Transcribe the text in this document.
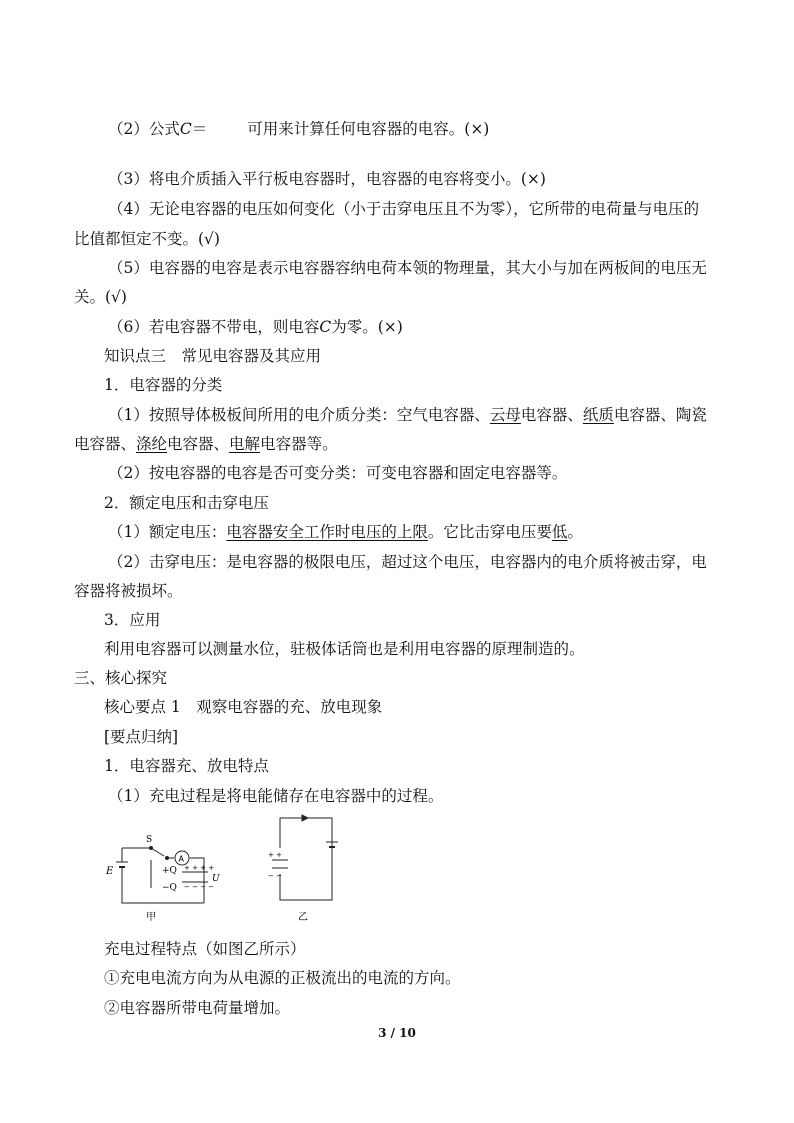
（2）公式C＝	可用来计算任何电容器的电容。(×)
（3）将电介质插入平行板电容器时，电容器的电容将变小。(×)
（4）无论电容器的电压如何变化（小于击穿电压且不为零），它所带的电荷量与电压的
比值都恒定不变。(√)
（5）电容器的电容是表示电容器容纳电荷本领的物理量，其大小与加在两板间的电压无
关。(√)
（6）若电容器不带电，则电容C为零。(×)
知识点三　常见电容器及其应用
1．电容器的分类
（1）按照导体极板间所用的电介质分类：空气电容器、云母电容器、纸质电容器、陶瓷
电容器、涤纶电容器、电解电容器等。
（2）按电容器的电容是否可变分类：可变电容器和固定电容器等。
2．额定电压和击穿电压
（1）额定电压：电容器安全工作时电压的上限。它比击穿电压要低。
（2）击穿电压：是电容器的极限电压，超过这个电压，电容器内的电介质将被击穿，电
容器将被损坏。
3．应用
利用电容器可以测量水位，驻极体话筒也是利用电容器的原理制造的。
三、核心探究
核心要点 1　观察电容器的充、放电现象
[要点归纳]
1．电容器充、放电特点
（1）充电过程是将电能储存在电容器中的过程。
E
S
A
+Q
−Q
+ + + +
− − − −
U
甲
+ +
− −
乙
充电过程特点（如图乙所示）
①充电电流方向为从电源的正极流出的电流的方向。
②电容器所带电荷量增加。
3 / 10
